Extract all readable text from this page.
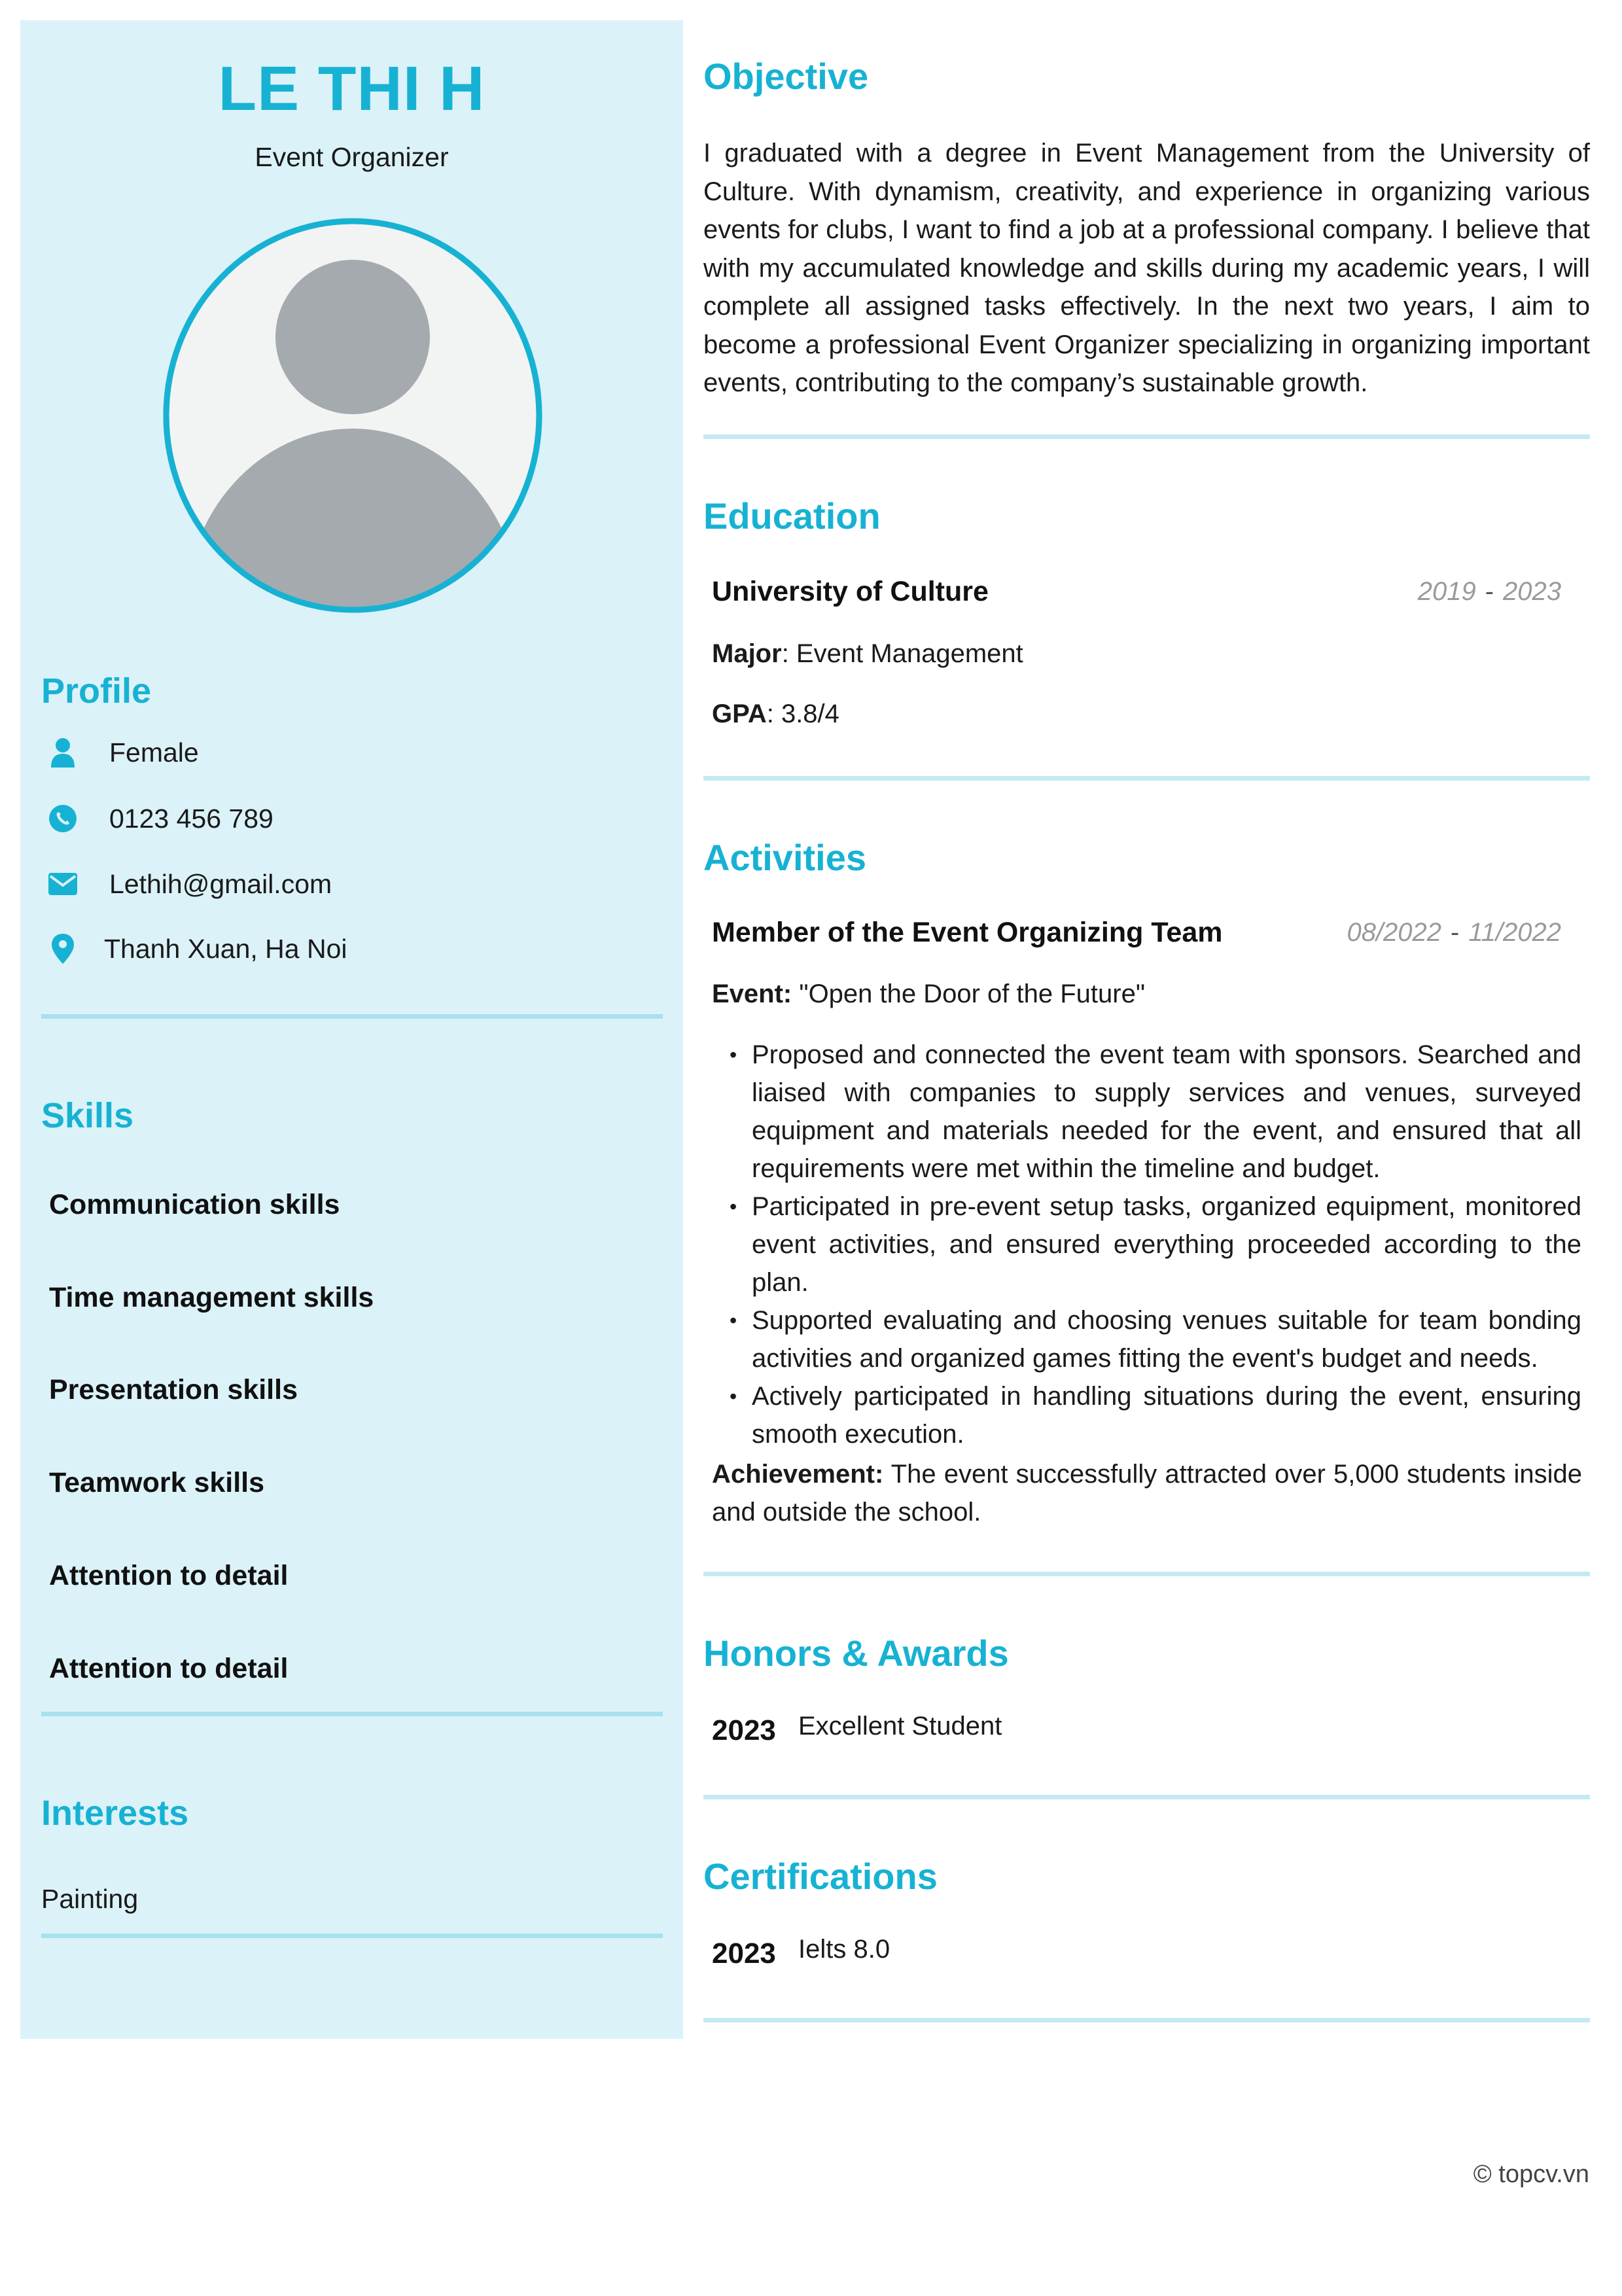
LE THI H
Event Organizer
Profile
Female
0123 456 789
Lethih@gmail.com
Thanh Xuan, Ha Noi
Skills
Communication skills
Time management skills
Presentation skills
Teamwork skills
Attention to detail
Attention to detail
Interests
Painting
Objective
I graduated with a degree in Event Management from the University of Culture. With dynamism, creativity, and experience in organizing various events for clubs, I want to find a job at a professional company. I believe that with my accumulated knowledge and skills during my academic years, I will complete all assigned tasks effectively. In the next two years, I aim to become a professional Event Organizer specializing in organizing important events, contributing to the company’s sustainable growth.
Education
University of Culture	2019 - 2023
Major: Event Management
GPA: 3.8/4
Activities
Member of the Event Organizing Team	08/2022 - 11/2022
Event: "Open the Door of the Future"
• Proposed and connected the event team with sponsors. Searched and liaised with companies to supply services and venues, surveyed equipment and materials needed for the event, and ensured that all requirements were met within the timeline and budget.
• Participated in pre-event setup tasks, organized equipment, monitored event activities, and ensured everything proceeded according to the plan.
• Supported evaluating and choosing venues suitable for team bonding activities and organized games fitting the event's budget and needs.
• Actively participated in handling situations during the event, ensuring smooth execution.
Achievement: The event successfully attracted over 5,000 students inside and outside the school.
Honors & Awards
2023 Excellent Student
Certifications
2023 Ielts 8.0
© topcv.vn
